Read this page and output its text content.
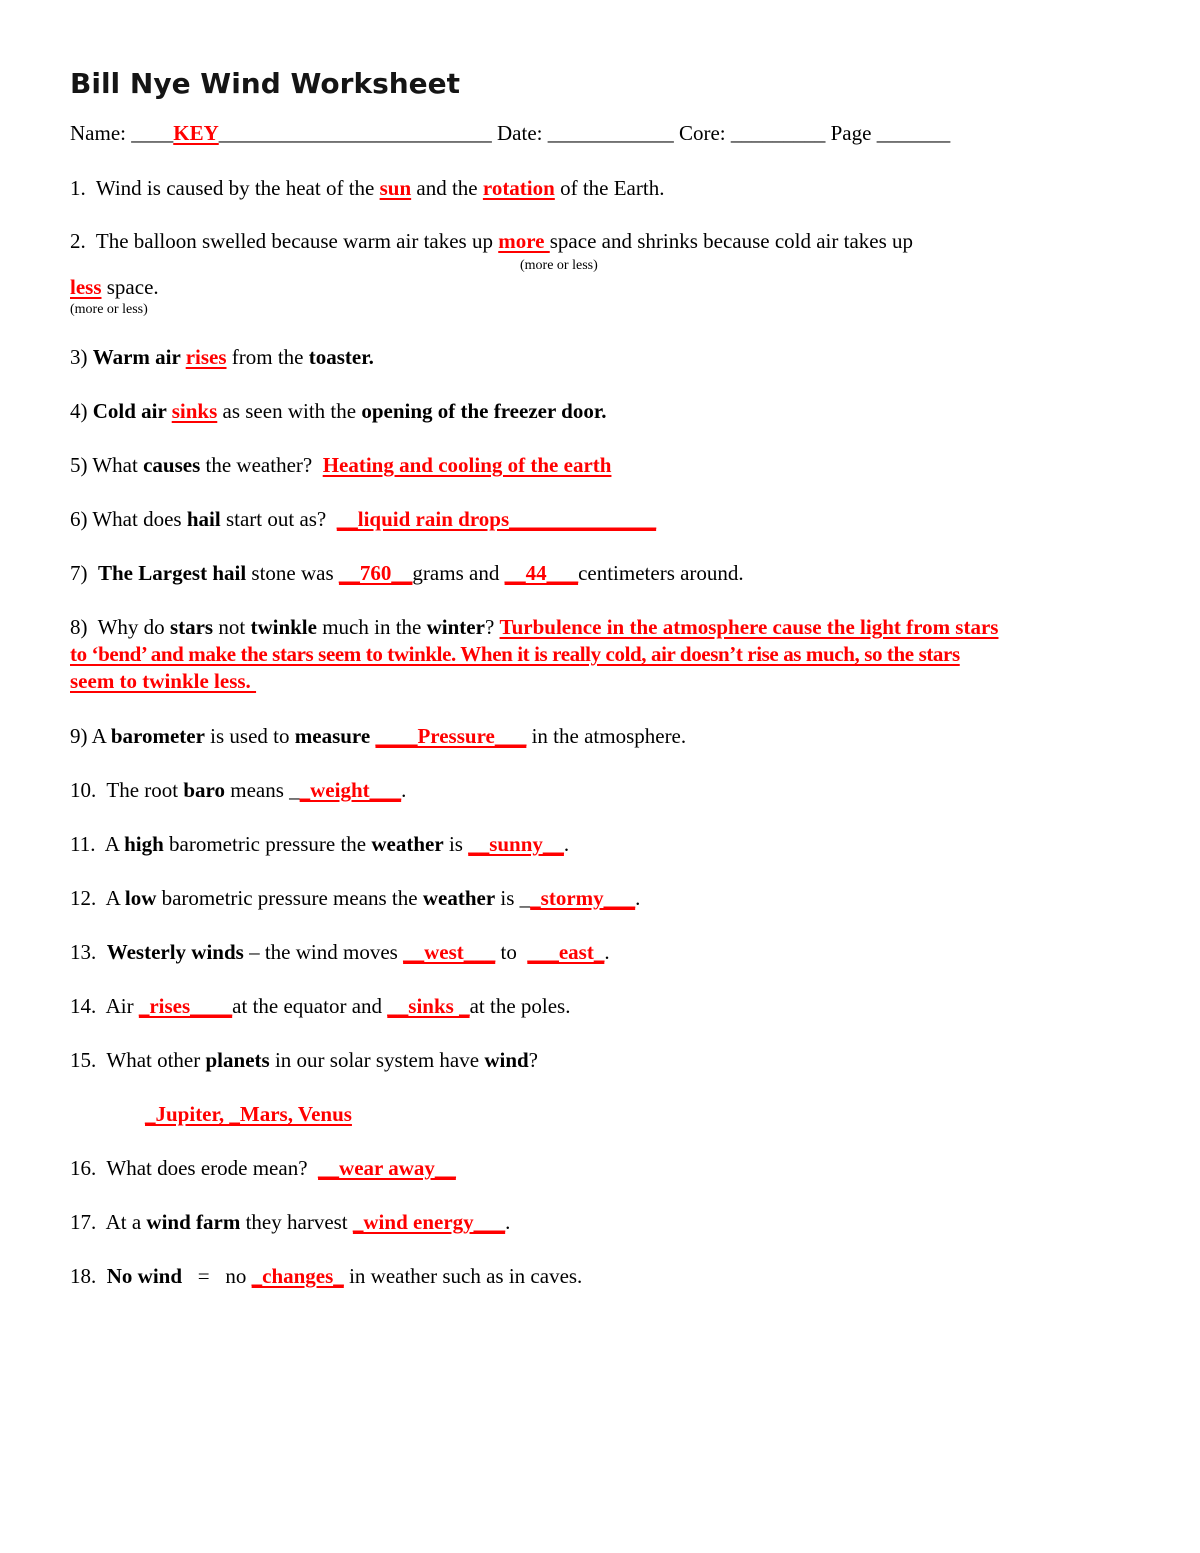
Bill Nye Wind Worksheet

Name: ____KEY__________________________ Date: ____________ Core: _________ Page _______

1.  Wind is caused by the heat of the sun and the rotation of the Earth.

2.  The balloon swelled because warm air takes up more space and shrinks because cold air takes up

(more or less)

less space.

(more or less)

3) Warm air rises from the toaster.

4) Cold air sinks as seen with the opening of the freezer door.

5) What causes the weather?  Heating and cooling of the earth

6) What does hail start out as?  __liquid rain drops______________

7)  The Largest hail stone was __760__grams and __44___centimeters around.

8)  Why do stars not twinkle much in the winter? Turbulence in the atmosphere cause the light from stars

to ‘bend’ and make the stars seem to twinkle. When it is really cold, air doesn’t rise as much, so the stars

seem to twinkle less.

9) A barometer is used to measure ____Pressure___ in the atmosphere.

10.  The root baro means __weight___.

11.  A high barometric pressure the weather is __sunny__.

12.  A low barometric pressure means the weather is __stormy___.

13.  Westerly winds – the wind moves __west___ to  ___east_.

14.  Air _rises____at the equator and __sinks _at the poles.

15.  What other planets in our solar system have wind?

_Jupiter, _Mars, Venus

16.  What does erode mean?  __wear away__

17.  At a wind farm they harvest _wind energy___.

18.  No wind   =   no _changes_ in weather such as in caves.
